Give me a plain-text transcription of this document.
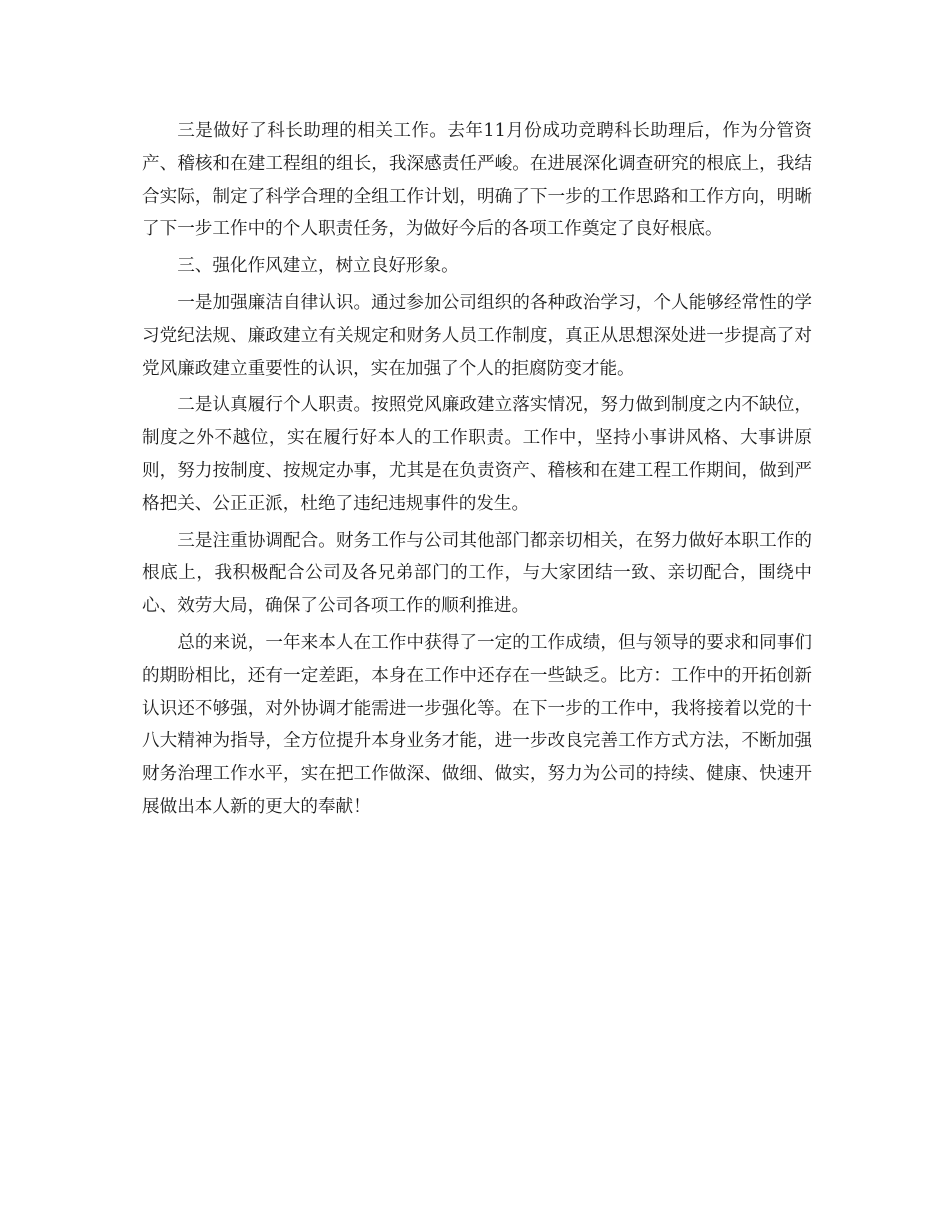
三是做好了科长助理的相关工作。去年11月份成功竞聘科长助理后，作为分管资产、稽核和在建工程组的组长，我深感责任严峻。在进展深化调查研究的根底上，我结合实际，制定了科学合理的全组工作计划，明确了下一步的工作思路和工作方向，明晰了下一步工作中的个人职责任务，为做好今后的各项工作奠定了良好根底。

三、强化作风建立，树立良好形象。

一是加强廉洁自律认识。通过参加公司组织的各种政治学习，个人能够经常性的学习党纪法规、廉政建立有关规定和财务人员工作制度，真正从思想深处进一步提高了对党风廉政建立重要性的认识，实在加强了个人的拒腐防变才能。

二是认真履行个人职责。按照党风廉政建立落实情况，努力做到制度之内不缺位，制度之外不越位，实在履行好本人的工作职责。工作中，坚持小事讲风格、大事讲原则，努力按制度、按规定办事，尤其是在负责资产、稽核和在建工程工作期间，做到严格把关、公正正派，杜绝了违纪违规事件的发生。

三是注重协调配合。财务工作与公司其他部门都亲切相关，在努力做好本职工作的根底上，我积极配合公司及各兄弟部门的工作，与大家团结一致、亲切配合，围绕中心、效劳大局，确保了公司各项工作的顺利推进。

总的来说，一年来本人在工作中获得了一定的工作成绩，但与领导的要求和同事们的期盼相比，还有一定差距，本身在工作中还存在一些缺乏。比方：工作中的开拓创新认识还不够强，对外协调才能需进一步强化等。在下一步的工作中，我将接着以党的十八大精神为指导，全方位提升本身业务才能，进一步改良完善工作方式方法，不断加强财务治理工作水平，实在把工作做深、做细、做实，努力为公司的持续、健康、快速开展做出本人新的更大的奉献！
